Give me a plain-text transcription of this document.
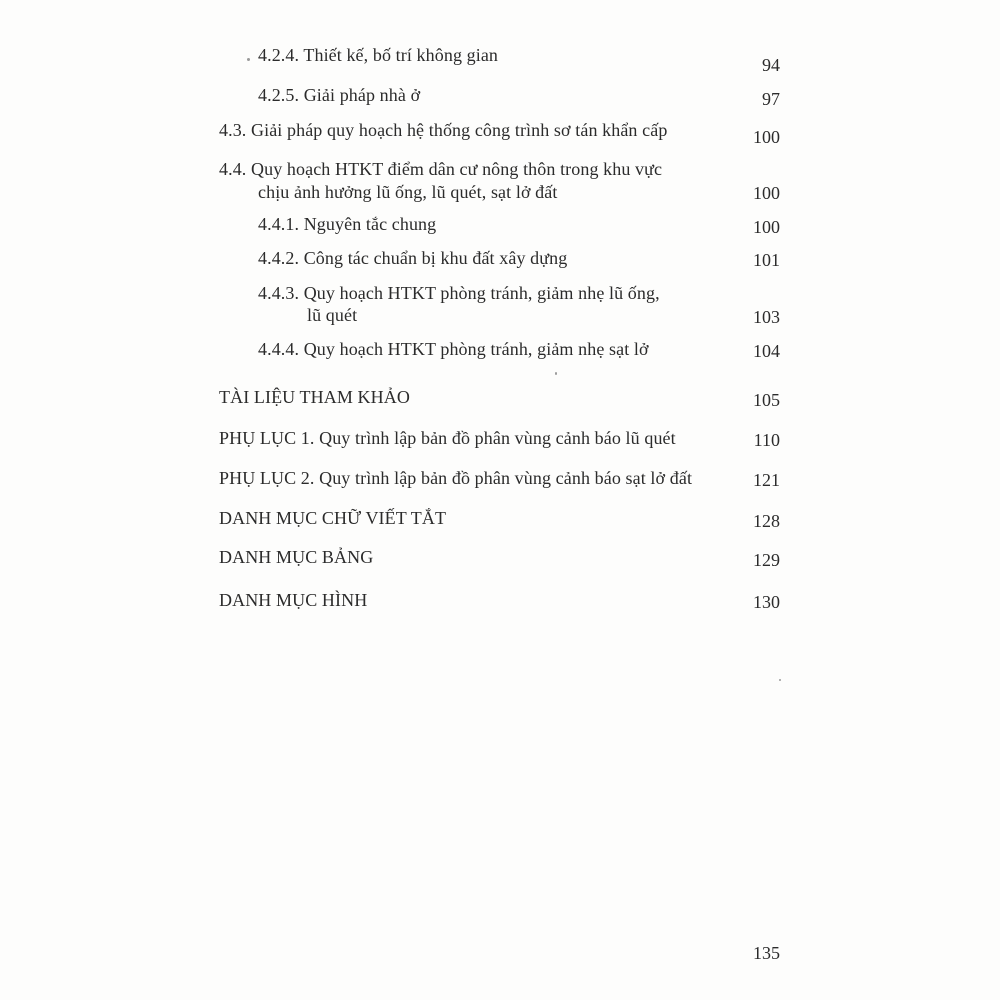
4.2.4. Thiết kế, bố trí không gian	94
4.2.5. Giải pháp nhà ở	97
4.3. Giải pháp quy hoạch hệ thống công trình sơ tán khẩn cấp	100
4.4. Quy hoạch HTKT điểm dân cư nông thôn trong khu vực
chịu ảnh hưởng lũ ống, lũ quét, sạt lở đất	100
4.4.1. Nguyên tắc chung	100
4.4.2. Công tác chuẩn bị khu đất xây dựng	101
4.4.3. Quy hoạch HTKT phòng tránh, giảm nhẹ lũ ống,
lũ quét	103
4.4.4. Quy hoạch HTKT phòng tránh, giảm nhẹ sạt lở	104
TÀI LIỆU THAM KHẢO	105
PHỤ LỤC 1. Quy trình lập bản đồ phân vùng cảnh báo lũ quét	110
PHỤ LỤC 2. Quy trình lập bản đồ phân vùng cảnh báo sạt lở đất	121
DANH MỤC CHỮ VIẾT TẮT	128
DANH MỤC BẢNG	129
DANH MỤC HÌNH	130
135
